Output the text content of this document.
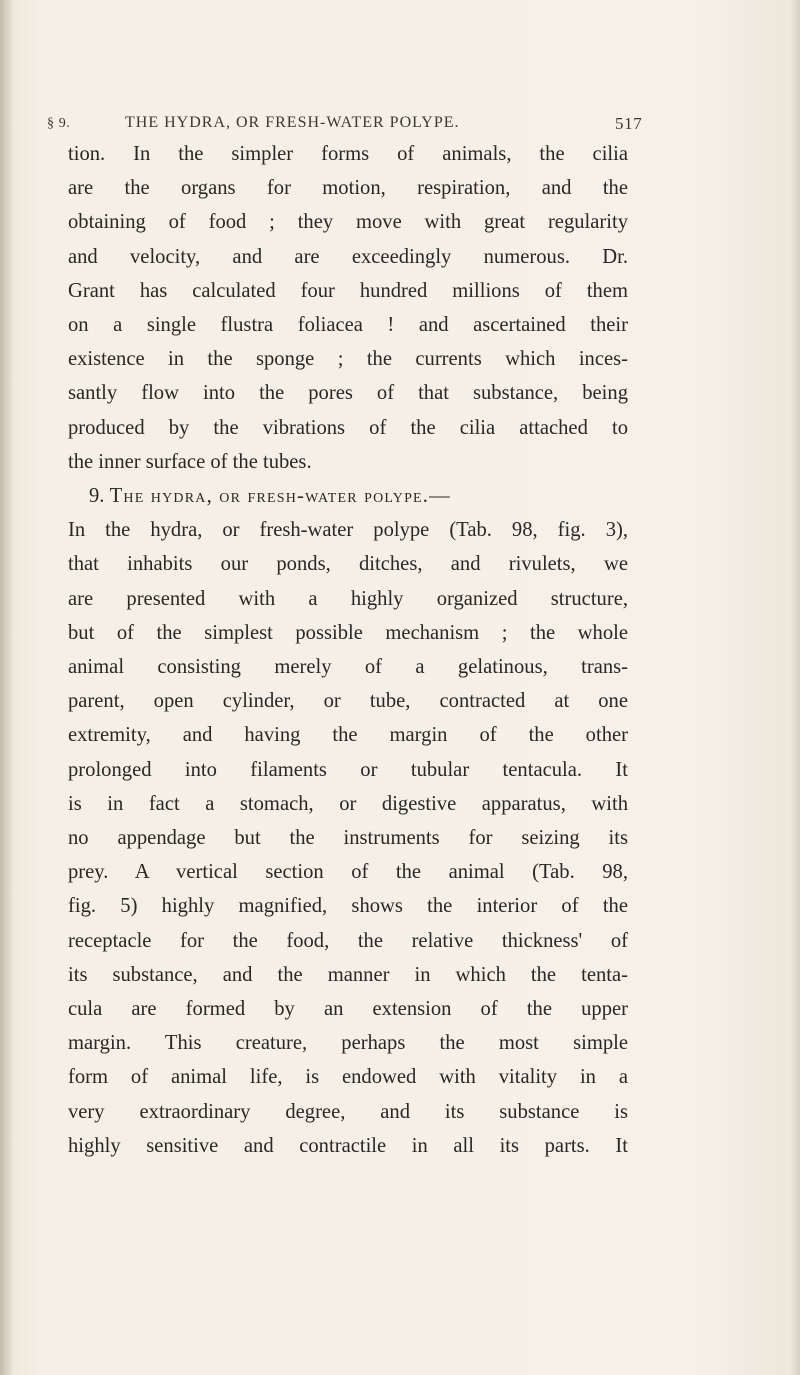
§ 9.	THE HYDRA, OR FRESH-WATER POLYPE.	517
tion. In the simpler forms of animals, the cilia
are the organs for motion, respiration, and the
obtaining of food ; they move with great regularity
and velocity, and are exceedingly numerous. Dr.
Grant has calculated four hundred millions of them
on a single flustra foliacea ! and ascertained their
existence in the sponge ; the currents which inces-
santly flow into the pores of that substance, being
produced by the vibrations of the cilia attached to
the inner surface of the tubes.
9. The hydra, or fresh-water polype.—
In the hydra, or fresh-water polype (Tab. 98, fig. 3),
that inhabits our ponds, ditches, and rivulets, we
are presented with a highly organized structure,
but of the simplest possible mechanism ; the whole
animal consisting merely of a gelatinous, trans-
parent, open cylinder, or tube, contracted at one
extremity, and having the margin of the other
prolonged into filaments or tubular tentacula. It
is in fact a stomach, or digestive apparatus, with
no appendage but the instruments for seizing its
prey. A vertical section of the animal (Tab. 98,
fig. 5) highly magnified, shows the interior of the
receptacle for the food, the relative thickness' of
its substance, and the manner in which the tenta-
cula are formed by an extension of the upper
margin. This creature, perhaps the most simple
form of animal life, is endowed with vitality in a
very extraordinary degree, and its substance is
highly sensitive and contractile in all its parts. It
